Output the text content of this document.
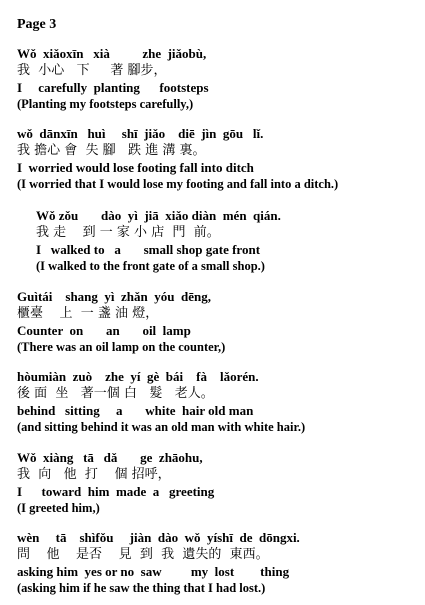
Page 3

Wǒ  xiǎoxīn   xià          zhe  jiǎobù,

我  小心   下     著 腳步，

I     carefully  planting      footsteps

(Planting my footsteps carefully,)

wǒ  dānxīn   huì     shī  jiǎo    diē  jìn  gōu   lǐ.

我 擔心 會  失 腳   跌 進 溝 裏。

I  worried would lose footing fall into ditch

(I worried that I would lose my footing and fall into a ditch.)

Wǒ zǒu       dào  yì  jiā  xiǎo diàn  mén  qián.

我 走    到 一 家 小 店  門  前。

I   walked to   a       small shop gate front

(I walked to the front gate of a small shop.)

Guìtái    shang  yì  zhǎn  yóu  dēng,

櫃臺    上  一 盞 油 燈，

Counter  on       an       oil  lamp

(There was an oil lamp on the counter,)

hòumiàn  zuò    zhe  yí  gè  bái    fà    lǎorén.

後 面  坐   著一個 白   髮   老人。

behind   sitting     a       white  hair old man

(and sitting behind it was an old man with white hair.)

Wǒ  xiàng   tā   dǎ       ge  zhāohu,

我  向   他  打    個 招呼，

I      toward  him  made  a   greeting

(I greeted him,)

wèn     tā    shìfǒu     jiàn  dào  wǒ  yíshī  de  dōngxi.

問    他    是否    見  到  我  遺失的  東西。

asking him  yes or no  saw         my  lost        thing

(asking him if he saw the thing that I had lost.)
